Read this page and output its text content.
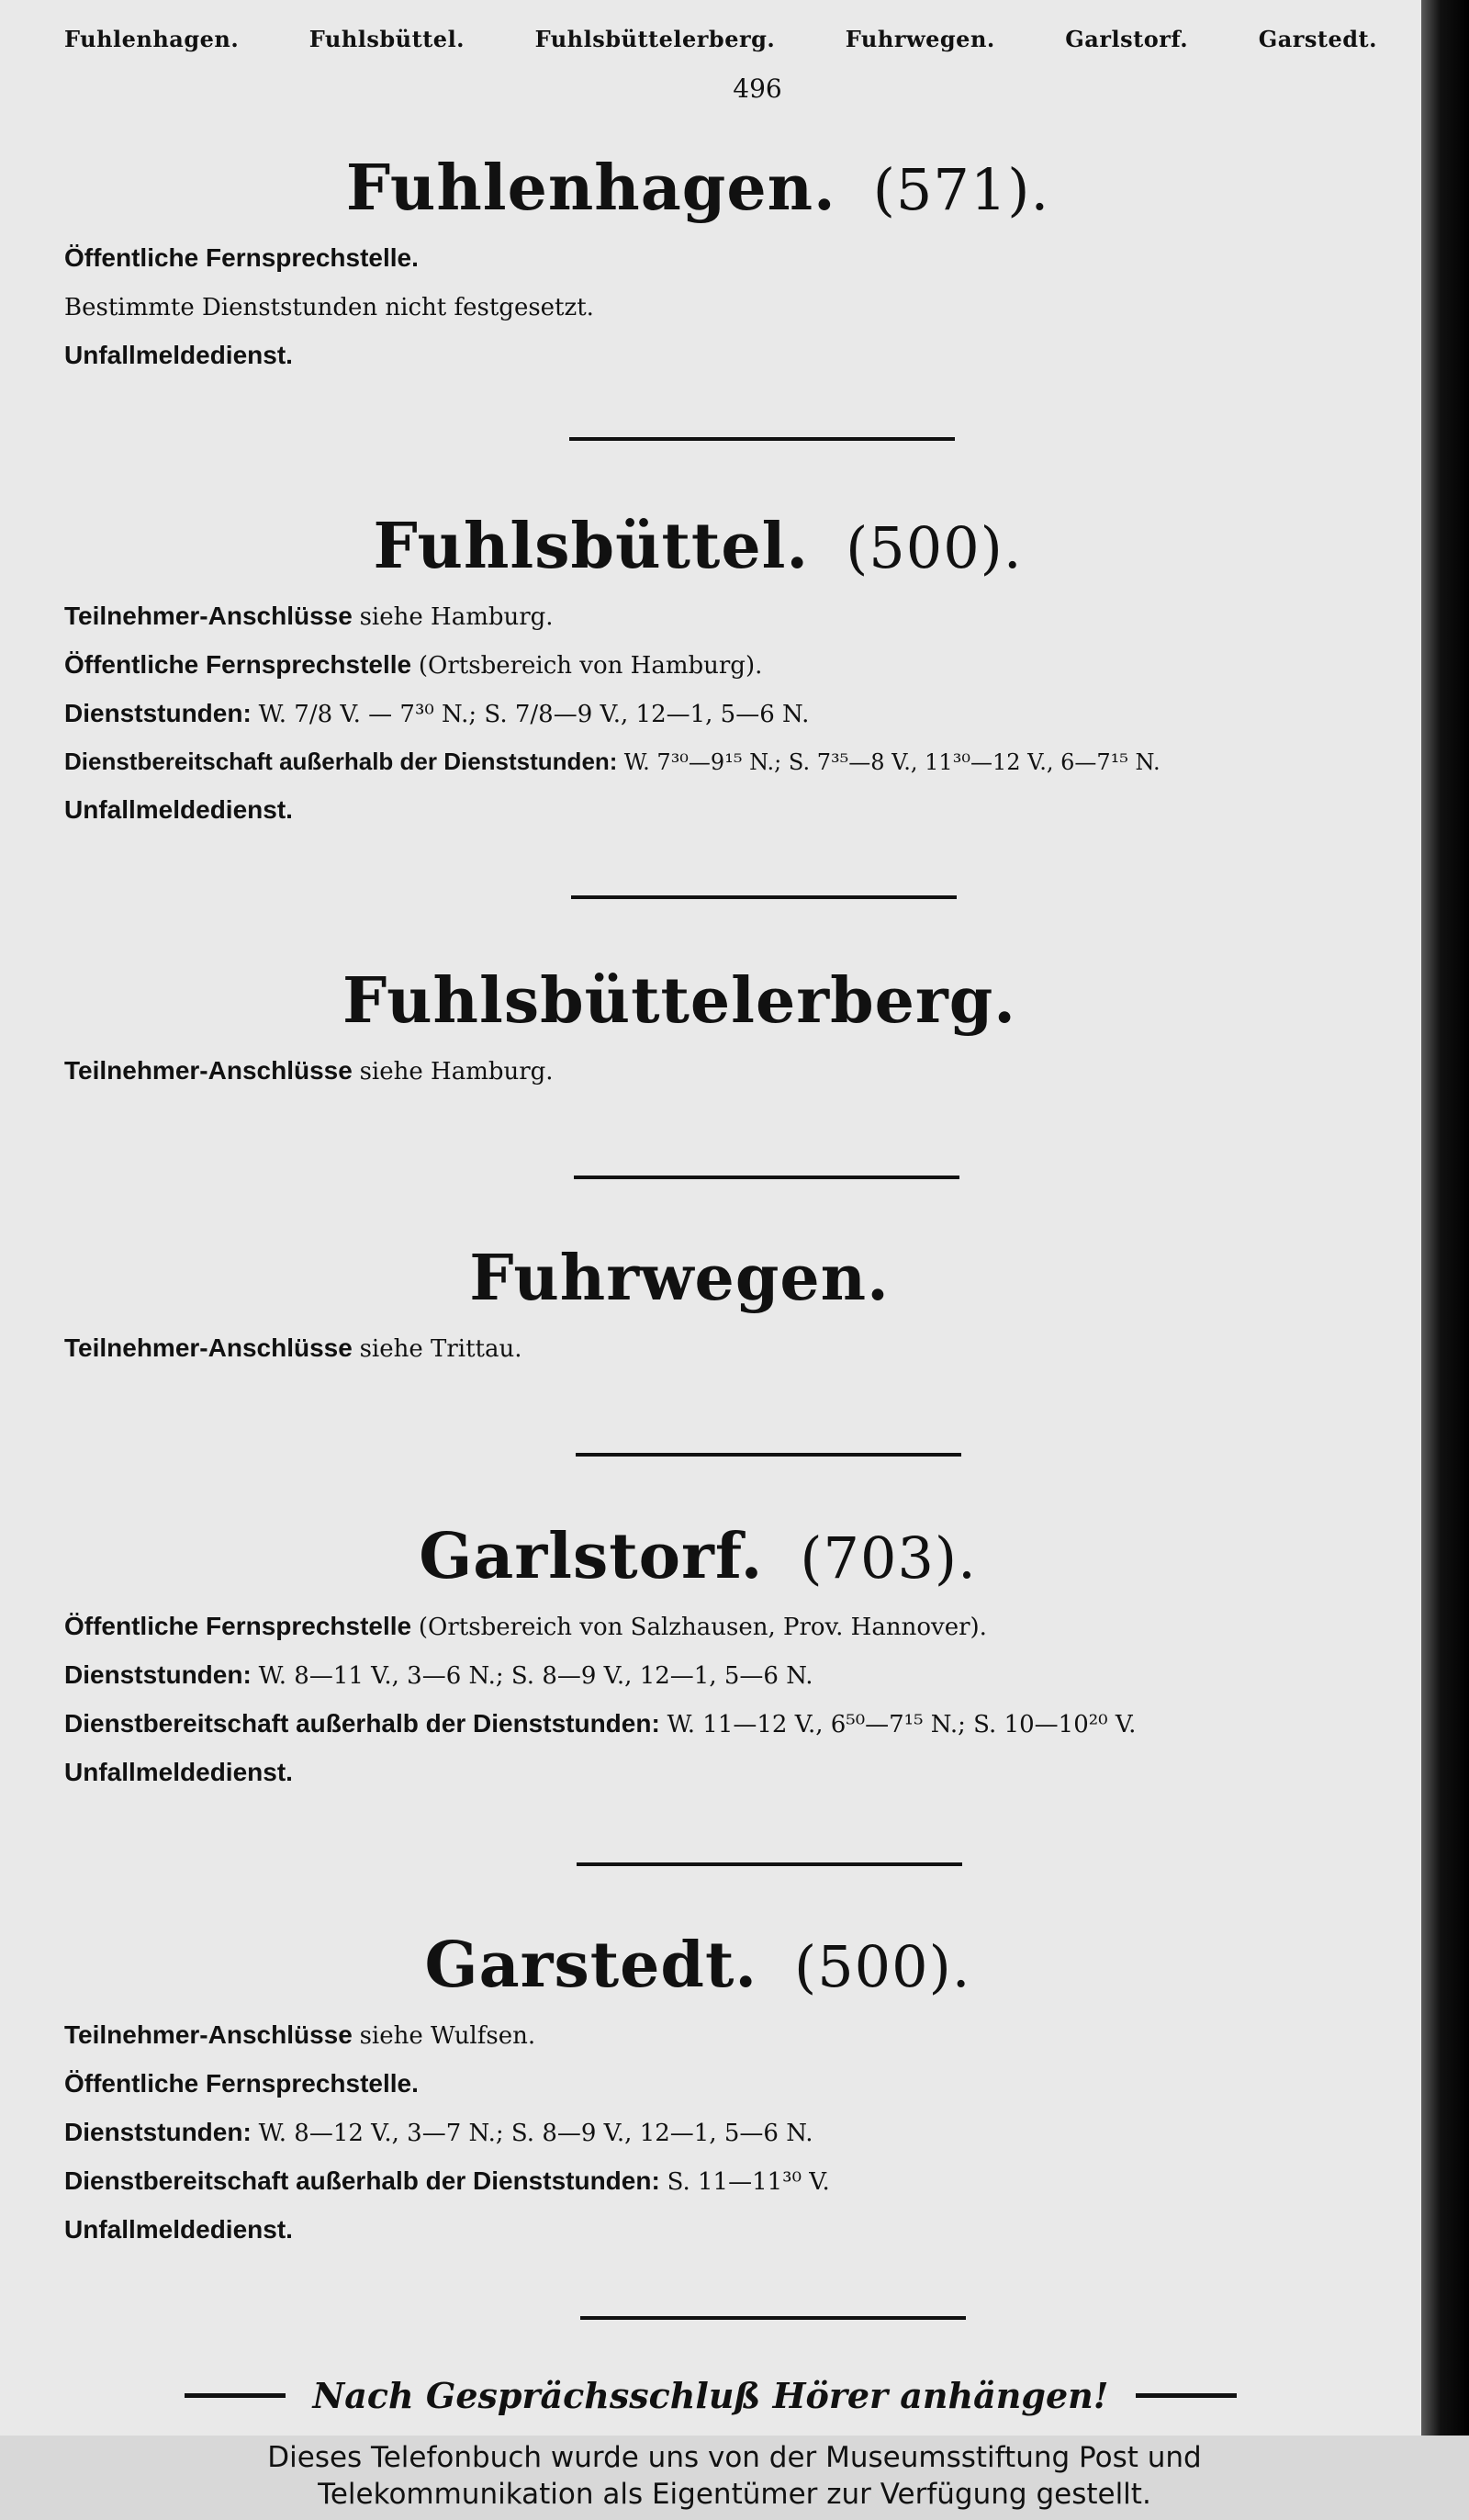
Fuhlenhagen.	Fuhlsbüttel.	Fuhlsbüttelerberg.	Fuhrwegen.	Garlstorf.	Garstedt.
496
Fuhlenhagen. (571).
Öffentliche Fernsprechstelle.
Bestimmte Dienststunden nicht festgesetzt.
Unfallmeldedienst.
Fuhlsbüttel. (500).
Teilnehmer-Anschlüsse siehe Hamburg.
Öffentliche Fernsprechstelle (Ortsbereich von Hamburg).
Dienststunden: W. 7/8 V. — 7³⁰ N.; S. 7/8—9 V., 12—1, 5—6 N.
Dienstbereitschaft außerhalb der Dienststunden: W. 7³⁰—9¹⁵ N.; S. 7³⁵—8 V., 11³⁰—12 V., 6—7¹⁵ N.
Unfallmeldedienst.
Fuhlsbüttelerberg.
Teilnehmer-Anschlüsse siehe Hamburg.
Fuhrwegen.
Teilnehmer-Anschlüsse siehe Trittau.
Garlstorf. (703).
Öffentliche Fernsprechstelle (Ortsbereich von Salzhausen, Prov. Hannover).
Dienststunden: W. 8—11 V., 3—6 N.; S. 8—9 V., 12—1, 5—6 N.
Dienstbereitschaft außerhalb der Dienststunden: W. 11—12 V., 6⁵⁰—7¹⁵ N.; S. 10—10²⁰ V.
Unfallmeldedienst.
Garstedt. (500).
Teilnehmer-Anschlüsse siehe Wulfsen.
Öffentliche Fernsprechstelle.
Dienststunden: W. 8—12 V., 3—7 N.; S. 8—9 V., 12—1, 5—6 N.
Dienstbereitschaft außerhalb der Dienststunden: S. 11—11³⁰ V.
Unfallmeldedienst.
Nach Gesprächsschluß Hörer anhängen!
Dieses Telefonbuch wurde uns von der Museumsstiftung Post und
Telekommunikation als Eigentümer zur Verfügung gestellt.
